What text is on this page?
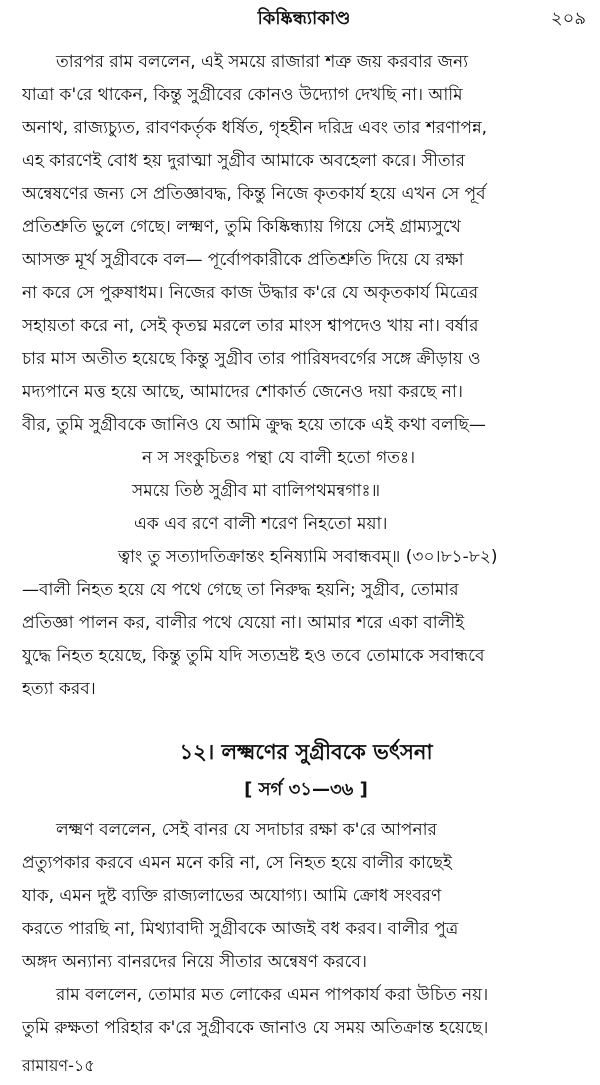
কিষ্কিন্ধ্যাকাণ্ড	২০৯
তারপর রাম বললেন, এই সময়ে রাজারা শত্রু জয় করবার জন্য
যাত্রা ক'রে থাকেন, কিন্তু সুগ্রীবের কোনও উদ্যোগ দেখছি না। আমি
অনাথ, রাজ্যচ্যুত, রাবণকর্তৃক ধর্ষিত, গৃহহীন দরিদ্র এবং তার শরণাপন্ন,
এহ কারণেই বোধ হয় দুরাত্মা সুগ্রীব আমাকে অবহেলা করে। সীতার
অন্বেষণের জন্য সে প্রতিজ্ঞাবদ্ধ, কিন্তু নিজে কৃতকার্য হয়ে এখন সে পূর্ব
প্রতিশ্রুতি ভুলে গেছে। লক্ষ্মণ, তুমি কিষ্কিন্ধ্যায় গিয়ে সেই গ্রাম্যসুখে
আসক্ত মূর্খ সুগ্রীবকে বল— পূর্বোপকারীকে প্রতিশ্রুতি দিয়ে যে রক্ষা
না করে সে পুরুষাধম। নিজের কাজ উদ্ধার ক'রে যে অকৃতকার্য মিত্রের
সহায়তা করে না, সেই কৃতঘ্ন মরলে তার মাংস শ্বাপদেও খায় না। বর্ষার
চার মাস অতীত হয়েছে কিন্তু সুগ্রীব তার পারিষদবর্গের সঙ্গে ক্রীড়ায় ও
মদ্যপানে মত্ত হয়ে আছে, আমাদের শোকার্ত জেনেও দয়া করছে না।
বীর, তুমি সুগ্রীবকে জানিও যে আমি ক্রুদ্ধ হয়ে তাকে এই কথা বলছি—
ন স সংকুচিতঃ পন্থা যে বালী হতো গতঃ।
সময়ে তিষ্ঠ সুগ্রীব মা বালিপথমন্বগাঃ॥
এক এব রণে বালী শরেণ নিহতো ময়া।
ত্বাং তু সত্যাদতিক্রান্তং হনিষ্যামি সবান্ধবম্॥ (৩০।৮১-৮২)
—বালী নিহত হয়ে যে পথে গেছে তা নিরুদ্ধ হয়নি; সুগ্রীব, তোমার
প্রতিজ্ঞা পালন কর, বালীর পথে যেয়ো না। আমার শরে একা বালীই
যুদ্ধে নিহত হয়েছে, কিন্তু তুমি যদি সত্যভ্রষ্ট হও তবে তোমাকে সবান্ধবে
হত্যা করব।
১২। লক্ষ্মণের সুগ্রীবকে ভর্ৎসনা
[ সর্গ ৩১—৩৬ ]
লক্ষ্মণ বললেন, সেই বানর যে সদাচার রক্ষা ক'রে আপনার
প্রত্যুপকার করবে এমন মনে করি না, সে নিহত হয়ে বালীর কাছেই
যাক, এমন দুষ্ট ব্যক্তি রাজ্যলাভের অযোগ্য। আমি ক্রোধ সংবরণ
করতে পারছি না, মিথ্যাবাদী সুগ্রীবকে আজই বধ করব। বালীর পুত্র
অঙ্গদ অন্যান্য বানরদের নিয়ে সীতার অন্বেষণ করবে।
রাম বললেন, তোমার মত লোকের এমন পাপকার্য করা উচিত নয়।
তুমি রুক্ষতা পরিহার ক'রে সুগ্রীবকে জানাও যে সময় অতিক্রান্ত হয়েছে।
রামায়ণ-১৫
